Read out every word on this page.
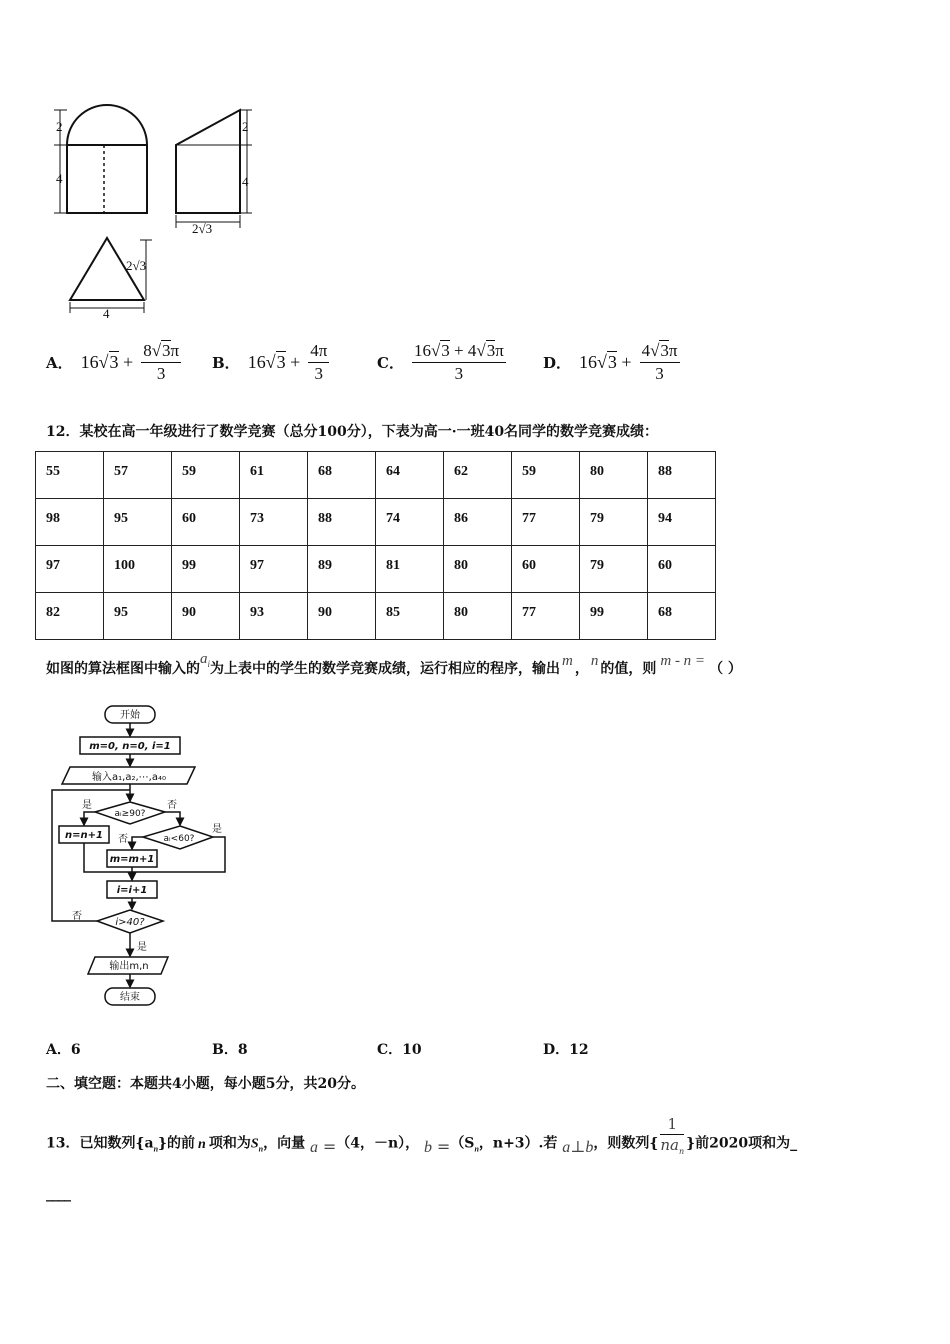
2
4
2
4
2√3
2√3
4
A． $16√3 + \frac{8√3\pi}{3}$ B． $16√3 + \frac{4\pi}{3}$	C． $\frac{16√3 + 4√3\pi}{3}$ D． $16√3 + \frac{4√3\pi}{3}$
12．某校在高一年级进行了数学竞赛（总分100分），下表为高一·一班40名同学的数学竞赛成绩：
55	57	59	61	68	64	62	59	80	88
98	95	60	73	88	74	86	77	79	94
97	100	99	97	89	81	80	60	79	60
82	95	90	93	90	85	80	77	99	68
如图的算法框图中输入的$a_i$为上表中的学生的数学竞赛成绩，运行相应的程序，输出 m ， n 的值，则 m - n = （ ）
开始
m=0, n=0, i=1
输入a₁,a₂,⋯,a₄₀
aᵢ≥90?
aᵢ<60?
n=n+1
m=m+1
i=i+1
i>40?
输出m,n
结束
是	否
否
是
否
是
A．6	B．8	C．10	D．12
二、填空题：本题共4小题，每小题5分，共20分。
13．已知数列$\{a_n\}$的前 n 项和为$S_n$，向量 a =（4，－n）， $b =(S_n$，n+3）.若 a⊥b，则数列{ $\frac{1}{na_n}$ }前2020项和为_
____
